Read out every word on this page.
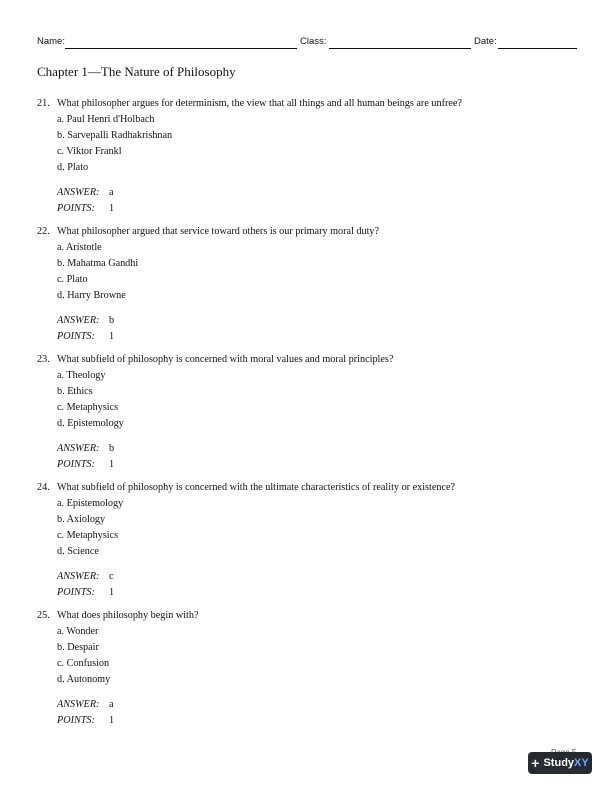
Name:	Class:	Date:
Chapter 1—The Nature of Philosophy
21. What philosopher argues for determinism, the view that all things and all human beings are unfree?
a. Paul Henri d'Holbach
b. Sarvepalli Radhakrishnan
c. Viktor Frankl
d. Plato
ANSWER: a
POINTS: 1
22. What philosopher argued that service toward others is our primary moral duty?
a. Aristotle
b. Mahatma Gandhi
c. Plato
d. Harry Browne
ANSWER: b
POINTS: 1
23. What subfield of philosophy is concerned with moral values and moral principles?
a. Theology
b. Ethics
c. Metaphysics
d. Epistemology
ANSWER: b
POINTS: 1
24. What subfield of philosophy is concerned with the ultimate characteristics of reality or existence?
a. Epistemology
b. Axiology
c. Metaphysics
d. Science
ANSWER: c
POINTS: 1
25. What does philosophy begin with?
a. Wonder
b. Despair
c. Confusion
d. Autonomy
ANSWER: a
POINTS: 1
+ StudyXY
